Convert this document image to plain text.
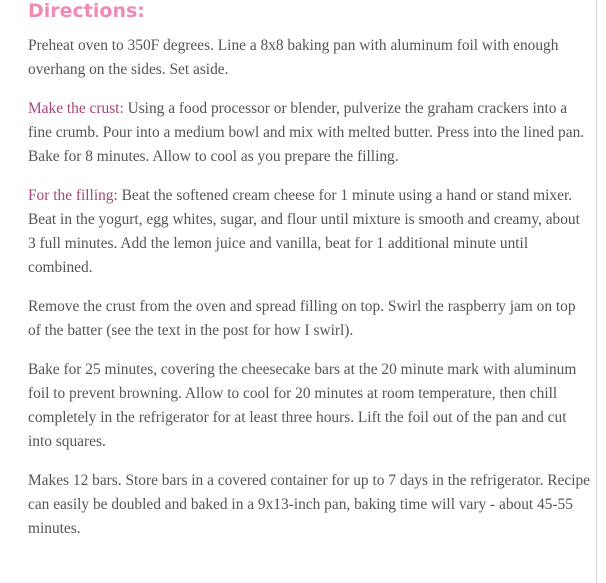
Directions:

Preheat oven to 350F degrees. Line a 8x8 baking pan with aluminum foil with enough overhang on the sides. Set aside.

Make the crust: Using a food processor or blender, pulverize the graham crackers into a fine crumb. Pour into a medium bowl and mix with melted butter. Press into the lined pan. Bake for 8 minutes. Allow to cool as you prepare the filling.

For the filling: Beat the softened cream cheese for 1 minute using a hand or stand mixer. Beat in the yogurt, egg whites, sugar, and flour until mixture is smooth and creamy, about 3 full minutes. Add the lemon juice and vanilla, beat for 1 additional minute until combined.

Remove the crust from the oven and spread filling on top. Swirl the raspberry jam on top of the batter (see the text in the post for how I swirl).

Bake for 25 minutes, covering the cheesecake bars at the 20 minute mark with aluminum foil to prevent browning. Allow to cool for 20 minutes at room temperature, then chill completely in the refrigerator for at least three hours. Lift the foil out of the pan and cut into squares.

Makes 12 bars. Store bars in a covered container for up to 7 days in the refrigerator. Recipe can easily be doubled and baked in a 9x13-inch pan, baking time will vary - about 45-55 minutes.
